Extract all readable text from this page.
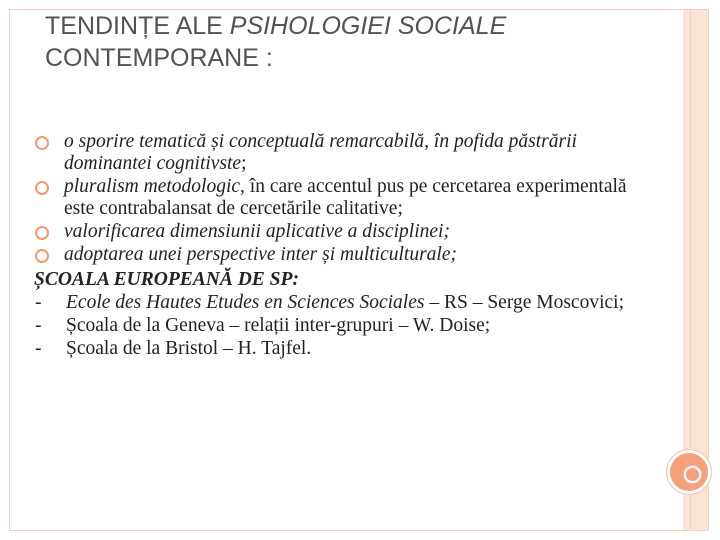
TENDINȚE ALE PSIHOLOGIEI SOCIALE
CONTEMPORANE :
o sporire tematică și conceptuală remarcabilă, în pofida păstrării dominantei cognitivste;
pluralism metodologic, în care accentul pus pe cercetarea experimentală este contrabalansat de cercetările calitative;
valorificarea dimensiunii aplicative a disciplinei;
adoptarea unei perspective inter și multiculturale;
ȘCOALA EUROPEANĂ DE SP:
-	Ecole des Hautes Etudes en Sciences Sociales – RS – Serge Moscovici;
-	Școala de la Geneva – relații inter-grupuri – W. Doise;
-	Școala de la Bristol – H. Tajfel.
